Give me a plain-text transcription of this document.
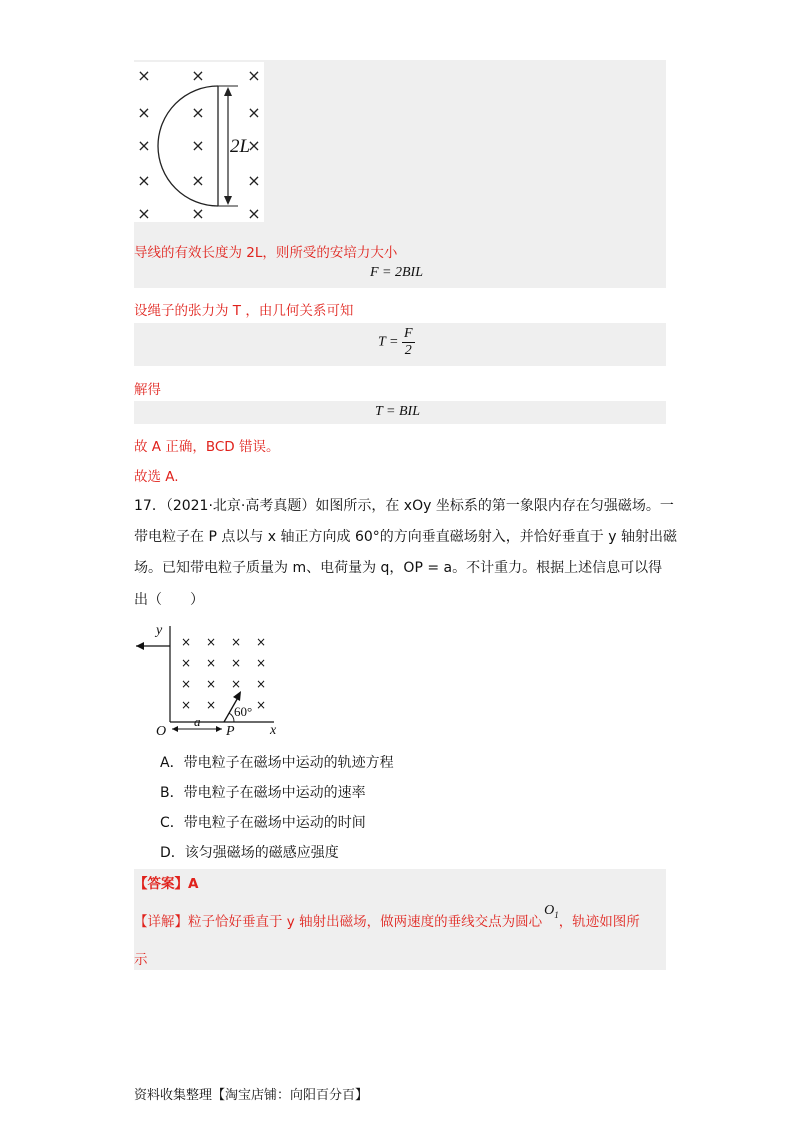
×	×	×
×	×	×
×	×	×
×	×	×
×	×	×
2L
导线的有效长度为 2L，则所受的安培力大小
F = 2BIL
设绳子的张力为 T ，由几何关系可知
$T = \frac{F}{2}$
解得
T = BIL
故 A 正确，BCD 错误。
故选 A.
17．（2021·北京·高考真题）如图所示，在 xOy 坐标系的第一象限内存在匀强磁场。一
带电粒子在 P 点以与 x 轴正方向成 60°的方向垂直磁场射入，并恰好垂直于 y 轴射出磁
场。已知带电粒子质量为 m、电荷量为 q，OP = a。不计重力。根据上述信息可以得
出（　　）
y
x
O	P
a
60°
× × × ×
× × × ×
× × × ×
× ×	×
A．带电粒子在磁场中运动的轨迹方程
B．带电粒子在磁场中运动的速率
C．带电粒子在磁场中运动的时间
D．该匀强磁场的磁感应强度
【答案】A
【详解】粒子恰好垂直于 y 轴射出磁场，做两速度的垂线交点为圆心$O_1$，轨迹如图所
示
资料收集整理【淘宝店铺：向阳百分百】
